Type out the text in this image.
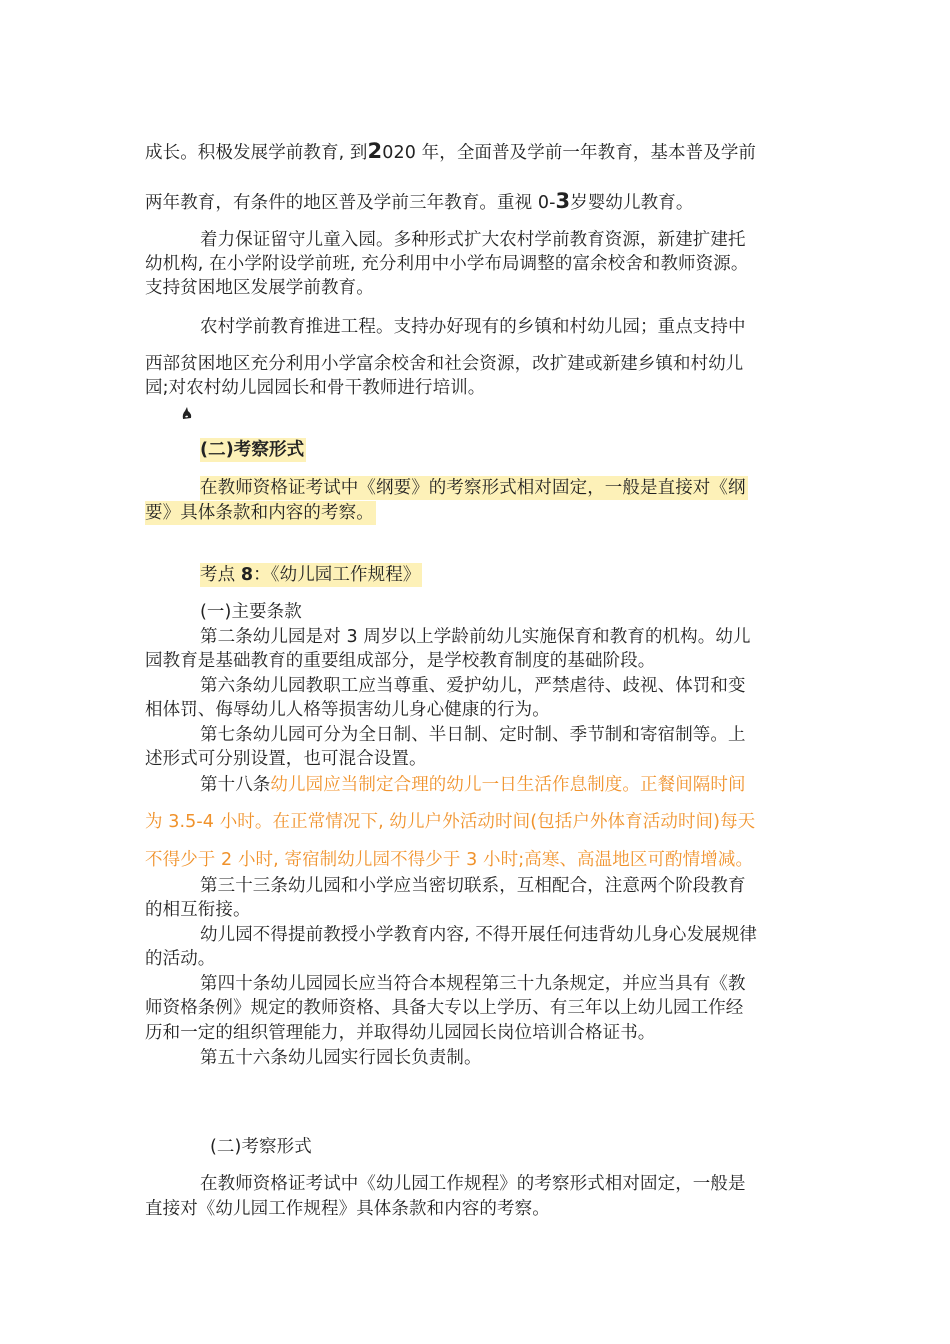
成长。积极发展学前教育, 到2020 年，全面普及学前一年教育，基本普及学前
两年教育，有条件的地区普及学前三年教育。重视 0-3岁婴幼儿教育。
着力保证留守儿童入园。多种形式扩大农村学前教育资源，新建扩建托
幼机构, 在小学附设学前班, 充分利用中小学布局调整的富余校舍和教师资源。
支持贫困地区发展学前教育。
农村学前教育推进工程。支持办好现有的乡镇和村幼儿园；重点支持中
西部贫困地区充分利用小学富余校舍和社会资源，改扩建或新建乡镇和村幼儿
园;对农村幼儿园园长和骨干教师进行培训。
(二)考察形式
在教师资格证考试中《纲要》的考察形式相对固定，一般是直接对《纲
要》具体条款和内容的考察。
考点 8：《幼儿园工作规程》
(一)主要条款
第二条幼儿园是对 3 周岁以上学龄前幼儿实施保育和教育的机构。幼儿
园教育是基础教育的重要组成部分，是学校教育制度的基础阶段。
第六条幼儿园教职工应当尊重、爱护幼儿，严禁虐待、歧视、体罚和变
相体罚、侮辱幼儿人格等损害幼儿身心健康的行为。
第七条幼儿园可分为全日制、半日制、定时制、季节制和寄宿制等。上
述形式可分别设置，也可混合设置。
第十八条幼儿园应当制定合理的幼儿一日生活作息制度。正餐间隔时间
为 3.5-4 小时。在正常情况下, 幼儿户外活动时间(包括户外体育活动时间)每天
不得少于 2 小时, 寄宿制幼儿园不得少于 3 小时;高寒、高温地区可酌情增减。
第三十三条幼儿园和小学应当密切联系，互相配合，注意两个阶段教育
的相互衔接。
幼儿园不得提前教授小学教育内容, 不得开展任何违背幼儿身心发展规律
的活动。
第四十条幼儿园园长应当符合本规程第三十九条规定，并应当具有《教
师资格条例》规定的教师资格、具备大专以上学历、有三年以上幼儿园工作经
历和一定的组织管理能力，并取得幼儿园园长岗位培训合格证书。
第五十六条幼儿园实行园长负责制。
(二)考察形式
在教师资格证考试中《幼儿园工作规程》的考察形式相对固定，一般是
直接对《幼儿园工作规程》具体条款和内容的考察。
